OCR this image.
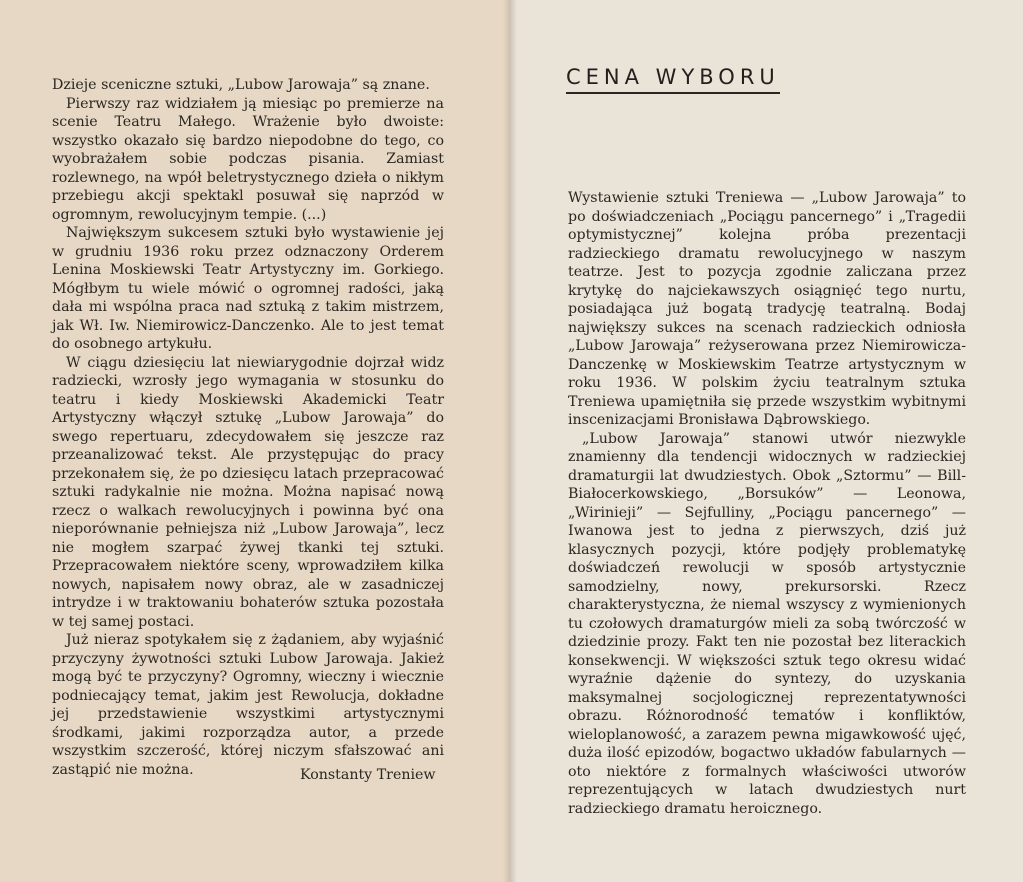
Dzieje sceniczne sztuki, „Lubow Jarowaja” są znane.

Pierwszy raz widziałem ją miesiąc po premierze na scenie Teatru Małego. Wrażenie było dwoiste: wszystko okazało się bardzo niepodobne do tego, co wyobrażałem sobie podczas pisania. Zamiast rozlewnego, na wpół beletrystycznego dzieła o nikłym przebiegu akcji spektakl posuwał się naprzód w ogromnym, rewolucyjnym tempie. (...)

Największym sukcesem sztuki było wystawienie jej w grudniu 1936 roku przez odznaczony Orderem Lenina Moskiewski Teatr Artystyczny im. Gorkiego. Mógłbym tu wiele mówić o ogromnej radości, jaką dała mi wspólna praca nad sztuką z takim mistrzem, jak Wł. Iw. Niemirowicz-Danczenko. Ale to jest temat do osobnego artykułu.

W ciągu dziesięciu lat niewiarygodnie dojrzał widz radziecki, wzrosły jego wymagania w stosunku do teatru i kiedy Moskiewski Akademicki Teatr Artystyczny włączył sztukę „Lubow Jarowaja” do swego repertuaru, zdecydowałem się jeszcze raz przeanalizować tekst. Ale przystępując do pracy przekonałem się, że po dziesięcu latach przepracować sztuki radykalnie nie można. Można napisać nową rzecz o walkach rewolucyjnych i powinna być ona nieporównanie pełniejsza niż „Lubow Jarowaja”, lecz nie mogłem szarpać żywej tkanki tej sztuki. Przepracowałem niektóre sceny, wprowadziłem kilka nowych, napisałem nowy obraz, ale w zasadniczej intrydze i w traktowaniu bohaterów sztuka pozostała w tej samej postaci.

Już nieraz spotykałem się z żądaniem, aby wyjaśnić przyczyny żywotności sztuki Lubow Jarowaja. Jakież mogą być te przyczyny? Ogromny, wieczny i wiecznie podniecający temat, jakim jest Rewolucja, dokładne jej przedstawienie wszystkimi artystycznymi środkami, jakimi rozporządza autor, a przede wszystkim szczerość, której niczym sfałszować ani zastąpić nie można.	Konstanty Treniew
CENA WYBORU

Wystawienie sztuki Treniewa — „Lubow Jarowaja” to po doświadczeniach „Pociągu pancernego” i „Tragedii optymistycznej” kolejna próba prezentacji radzieckiego dramatu rewolucyjnego w naszym teatrze. Jest to pozycja zgodnie zaliczana przez krytykę do najciekawszych osiągnięć tego nurtu, posiadająca już bogatą tradycję teatralną. Bodaj największy sukces na scenach radzieckich odniosła „Lubow Jarowaja” reżyserowana przez Niemirowicza-Danczenkę w Moskiewskim Teatrze artystycznym w roku 1936. W polskim życiu teatralnym sztuka Treniewa upamiętniła się przede wszystkim wybitnymi inscenizacjami Bronisława Dąbrowskiego.

„Lubow Jarowaja” stanowi utwór niezwykle znamienny dla tendencji widocznych w radzieckiej dramaturgii lat dwudziestych. Obok „Sztormu” — Bill-Białocerkowskiego, „Borsuków” — Leonowa, „Wirinieji” — Sejfulliny, „Pociągu pancernego” — Iwanowa jest to jedna z pierwszych, dziś już klasycznych pozycji, które podjęły problematykę doświadczeń rewolucji w sposób artystycznie samodzielny, nowy, prekursorski. Rzecz charakterystyczna, że niemal wszyscy z wymienionych tu czołowych dramaturgów mieli za sobą twórczość w dziedzinie prozy. Fakt ten nie pozostał bez literackich konsekwencji. W większości sztuk tego okresu widać wyraźnie dążenie do syntezy, do uzyskania maksymalnej socjologicznej reprezentatywności obrazu. Różnorodność tematów i konfliktów, wieloplanowość, a zarazem pewna migawkowość ujęć, duża ilość epizodów, bogactwo układów fabularnych — oto niektóre z formalnych właściwości utworów reprezentujących w latach dwudziestych nurt radzieckiego dramatu heroicznego.
